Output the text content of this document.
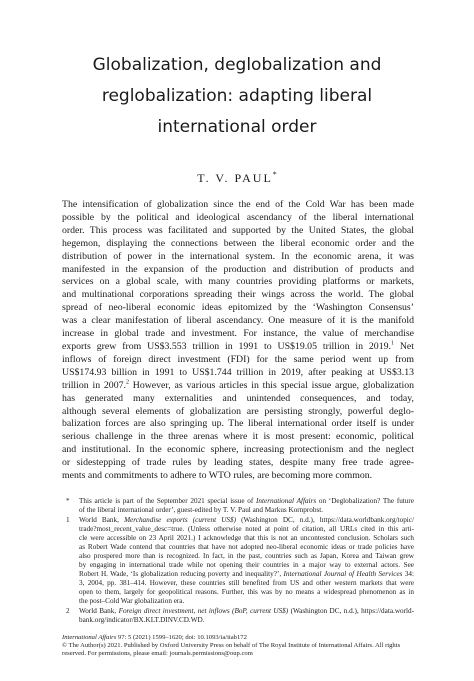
Globalization, deglobalization and
reglobalization: adapting liberal
international order
T. V. PAUL*
The intensification of globalization since the end of the Cold War has been made
possible by the political and ideological ascendancy of the liberal international
order. This process was facilitated and supported by the United States, the global
hegemon, displaying the connections between the liberal economic order and the
distribution of power in the international system. In the economic arena, it was
manifested in the expansion of the production and distribution of products and
services on a global scale, with many countries providing platforms or markets,
and multinational corporations spreading their wings across the world. The global
spread of neo-liberal economic ideas epitomized by the ‘Washington Consensus’
was a clear manifestation of liberal ascendancy. One measure of it is the manifold
increase in global trade and investment. For instance, the value of merchandise
exports grew from US$3.553 trillion in 1991 to US$19.05 trillion in 2019.$^1$ Net
inflows of foreign direct investment (FDI) for the same period went up from
US$174.93 billion in 1991 to US$1.744 trillion in 2019, after peaking at US$3.13
trillion in 2007.$^2$ However, as various articles in this special issue argue, globalization
has generated many externalities and unintended consequences, and today,
although several elements of globalization are persisting strongly, powerful deglo-
balization forces are also springing up. The liberal international order itself is under
serious challenge in the three arenas where it is most present: economic, political
and institutional. In the economic sphere, increasing protectionism and the neglect
or sidestepping of trade rules by leading states, despite many free trade agree-
ments and commitments to adhere to WTO rules, are becoming more common.
* This article is part of the September 2021 special issue of International Affairs on ‘Deglobalization? The future
of the liberal international order’, guest-edited by T. V. Paul and Markus Kornprobst.
1 World Bank, Merchandise exports (current US$) (Washington DC, n.d.), https://data.worldbank.org/topic/
trade?most_recent_value_desc=true. (Unless otherwise noted at point of citation, all URLs cited in this arti-
cle were accessible on 23 April 2021.) I acknowledge that this is not an uncontested conclusion. Scholars such
as Robert Wade contend that countries that have not adopted neo-liberal economic ideas or trade policies have
also prospered more than is recognized. In fact, in the past, countries such as Japan, Korea and Taiwan grew
by engaging in international trade while not opening their countries in a major way to external actors. See
Robert H. Wade, ‘Is globalization reducing poverty and inequality?’, International Journal of Health Services 34:
3, 2004, pp. 381–414. However, these countries still benefited from US and other western markets that were
open to them, largely for geopolitical reasons. Further, this was by no means a widespread phenomenon as in
the post–Cold War globalization era.
2 World Bank, Foreign direct investment, net inflows (BoP, current US$) (Washington DC, n.d.), https://data.world-
bank.org/indicator/BX.KLT.DINV.CD.WD.
International Affairs 97: 5 (2021) 1599–1620; doi: 10.1093/ia/iiab172
© The Author(s) 2021. Published by Oxford University Press on behalf of The Royal Institute of International Affairs. All rights
reserved. For permissions, please email: journals.permissions@oup.com
